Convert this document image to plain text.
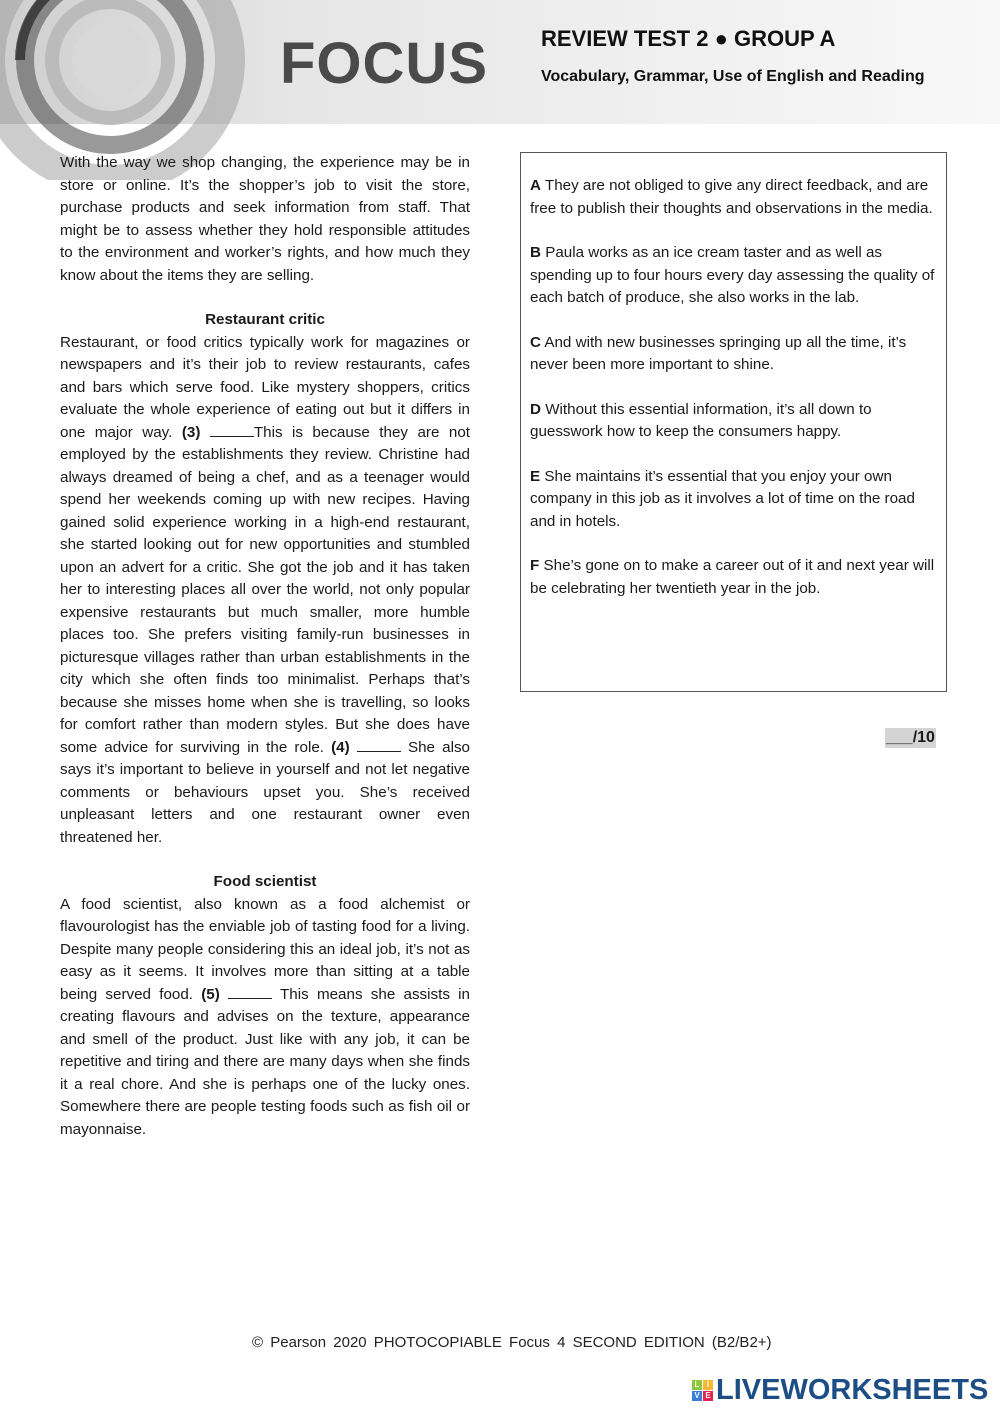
FOCUS REVIEW TEST 2 ● GROUP A
Vocabulary, Grammar, Use of English and Reading

With the way we shop changing, the experience may be in store or online. It’s the shopper’s job to visit the store, purchase products and seek information from staff. That might be to assess whether they hold responsible attitudes to the environment and worker’s rights, and how much they know about the items they are selling.

Restaurant critic

Restaurant, or food critics typically work for magazines or newspapers and it’s their job to review restaurants, cafes and bars which serve food. Like mystery shoppers, critics evaluate the whole experience of eating out but it differs in one major way. (3)	This is because they are not employed by the establishments they review. Christine had always dreamed of being a chef, and as a teenager would spend her weekends coming up with new recipes. Having gained solid experience working in a high-end restaurant, she started looking out for new opportunities and stumbled upon an advert for a critic. She got the job and it has taken her to interesting places all over the world, not only popular expensive restaurants but much smaller, more humble places too. She prefers visiting family-run businesses in picturesque villages rather than urban establishments in the city which she often finds too minimalist. Perhaps that’s because she misses home when she is travelling, so looks for comfort rather than modern styles. But she does have some advice for surviving in the role. (4)	She also says it’s important to believe in yourself and not let negative comments or behaviours upset you. She’s received unpleasant letters and one restaurant owner even threatened her.

Food scientist

A food scientist, also known as a food alchemist or flavourologist has the enviable job of tasting food for a living. Despite many people considering this an ideal job, it’s not as easy as it seems. It involves more than sitting at a table being served food. (5)	This means she assists in creating flavours and advises on the texture, appearance and smell of the product. Just like with any job, it can be repetitive and tiring and there are many days when she finds it a real chore. And she is perhaps one of the lucky ones. Somewhere there are people testing foods such as fish oil or mayonnaise.

A They are not obliged to give any direct feedback, and are free to publish their thoughts and observations in the media.

B Paula works as an ice cream taster and as well as spending up to four hours every day assessing the quality of each batch of produce, she also works in the lab.

C And with new businesses springing up all the time, it’s never been more important to shine.

D Without this essential information, it’s all down to guesswork how to keep the consumers happy.

E She maintains it’s essential that you enjoy your own company in this job as it involves a lot of time on the road and in hotels.

F She’s gone on to make a career out of it and next year will be celebrating her twentieth year in the job.

___/10
© Pearson 2020 PHOTOCOPIABLE Focus 4 SECOND EDITION (B2/B2+)
L I
V E LIVEWORKSHEETS
